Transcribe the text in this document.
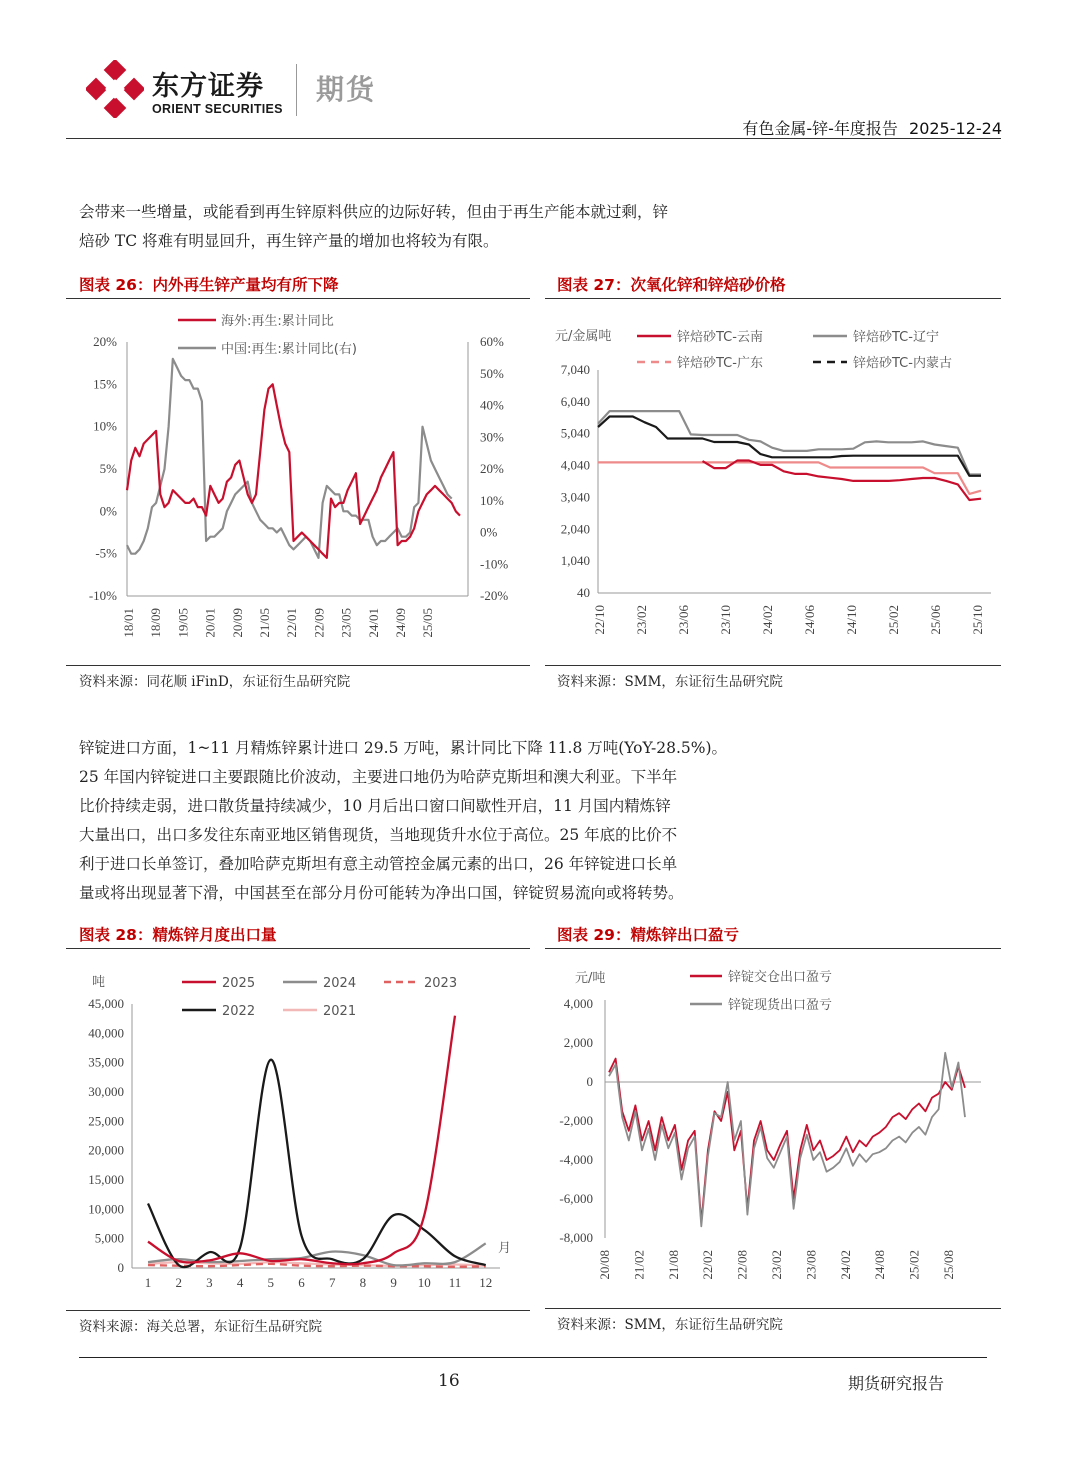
东方证券
ORIENT SECURITIES
期货
有色金属-锌-年度报告 2025-12-24

会带来一些增量，或能看到再生锌原料供应的边际好转，但由于再生产能本就过剩，锌

焙砂 TC 将难有明显回升，再生锌产量的增加也将较为有限。

图表 26：内外再生锌产量均有所下降
20%
15%
10%
5%
0%
-5%
-10%
60%
50%
40%
30%
20%
10%
0%
-10%
-20%
18/01 18/09 19/05 20/01 20/09 21/05 22/01 22/09 23/05 24/01 24/09 25/05
海外:再生:累计同比
中国:再生:累计同比(右)
资料来源：同花顺 iFinD，东证衍生品研究院
图表 27：次氧化锌和锌焙砂价格
元/金属吨
7,040
6,040
5,040
4,040
3,040
2,040
1,040
40
22/10 23/02 23/06 23/10 24/02 24/06 24/10 25/02 25/06 25/10
锌焙砂TC-云南	锌焙砂TC-辽宁
锌焙砂TC-广东	锌焙砂TC-内蒙古
资料来源：SMM，东证衍生品研究院

锌锭进口方面，1~11 月精炼锌累计进口 29.5 万吨，累计同比下降 11.8 万吨(YoY-28.5%)。

25 年国内锌锭进口主要跟随比价波动，主要进口地仍为哈萨克斯坦和澳大利亚。下半年

比价持续走弱，进口散货量持续减少，10 月后出口窗口间歇性开启，11 月国内精炼锌

大量出口，出口多发往东南亚地区销售现货，当地现货升水位于高位。25 年底的比价不

利于进口长单签订，叠加哈萨克斯坦有意主动管控金属元素的出口，26 年锌锭进口长单

量或将出现显著下滑，中国甚至在部分月份可能转为净出口国，锌锭贸易流向或将转势。

图表 28：精炼锌月度出口量
吨
月
45,000
40,000
35,000
30,000
25,000
20,000
15,000
10,000
5,000
0
1 2 3 4 5 6 7 8 9 10 11 12
2025	2024	2023
2022	2021
资料来源：海关总署，东证衍生品研究院
图表 29：精炼锌出口盈亏
元/吨
4,000
2,000
0
-2,000
-4,000
-6,000
-8,000
20/08 21/02 21/08 22/02 22/08 23/02 23/08 24/02 24/08 25/02 25/08
锌锭交仓出口盈亏
锌锭现货出口盈亏
资料来源：SMM，东证衍生品研究院
16	期货研究报告
